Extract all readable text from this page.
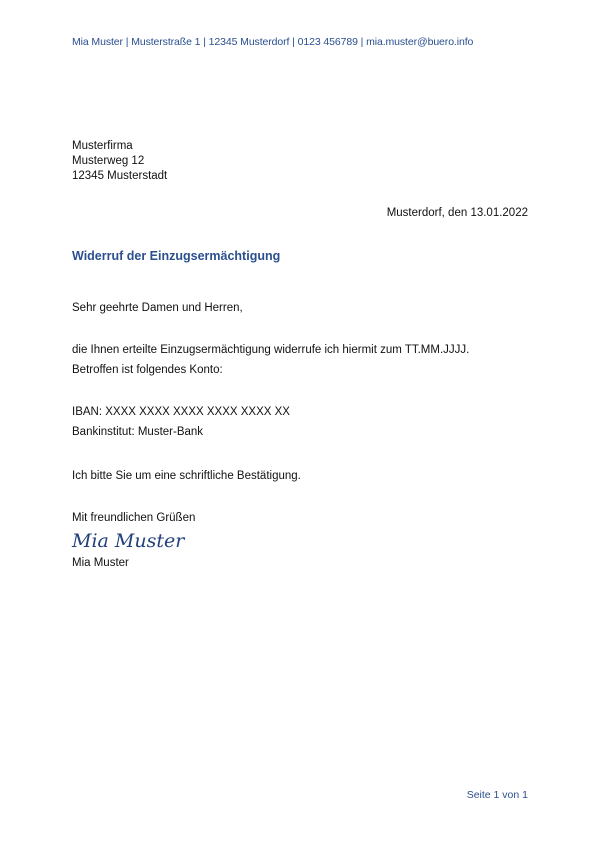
Mia Muster | Musterstraße 1 | 12345 Musterdorf | 0123 456789 | mia.muster@buero.info
Musterfirma
Musterweg 12
12345 Musterstadt
Musterdorf, den 13.01.2022
Widerruf der Einzugsermächtigung
Sehr geehrte Damen und Herren,
die Ihnen erteilte Einzugsermächtigung widerrufe ich hiermit zum TT.MM.JJJJ.
Betroffen ist folgendes Konto:
IBAN: XXXX XXXX XXXX XXXX XXXX XX
Bankinstitut: Muster-Bank
Ich bitte Sie um eine schriftliche Bestätigung.
Mit freundlichen Grüßen
Mia Muster
Mia Muster
Seite 1 von 1
